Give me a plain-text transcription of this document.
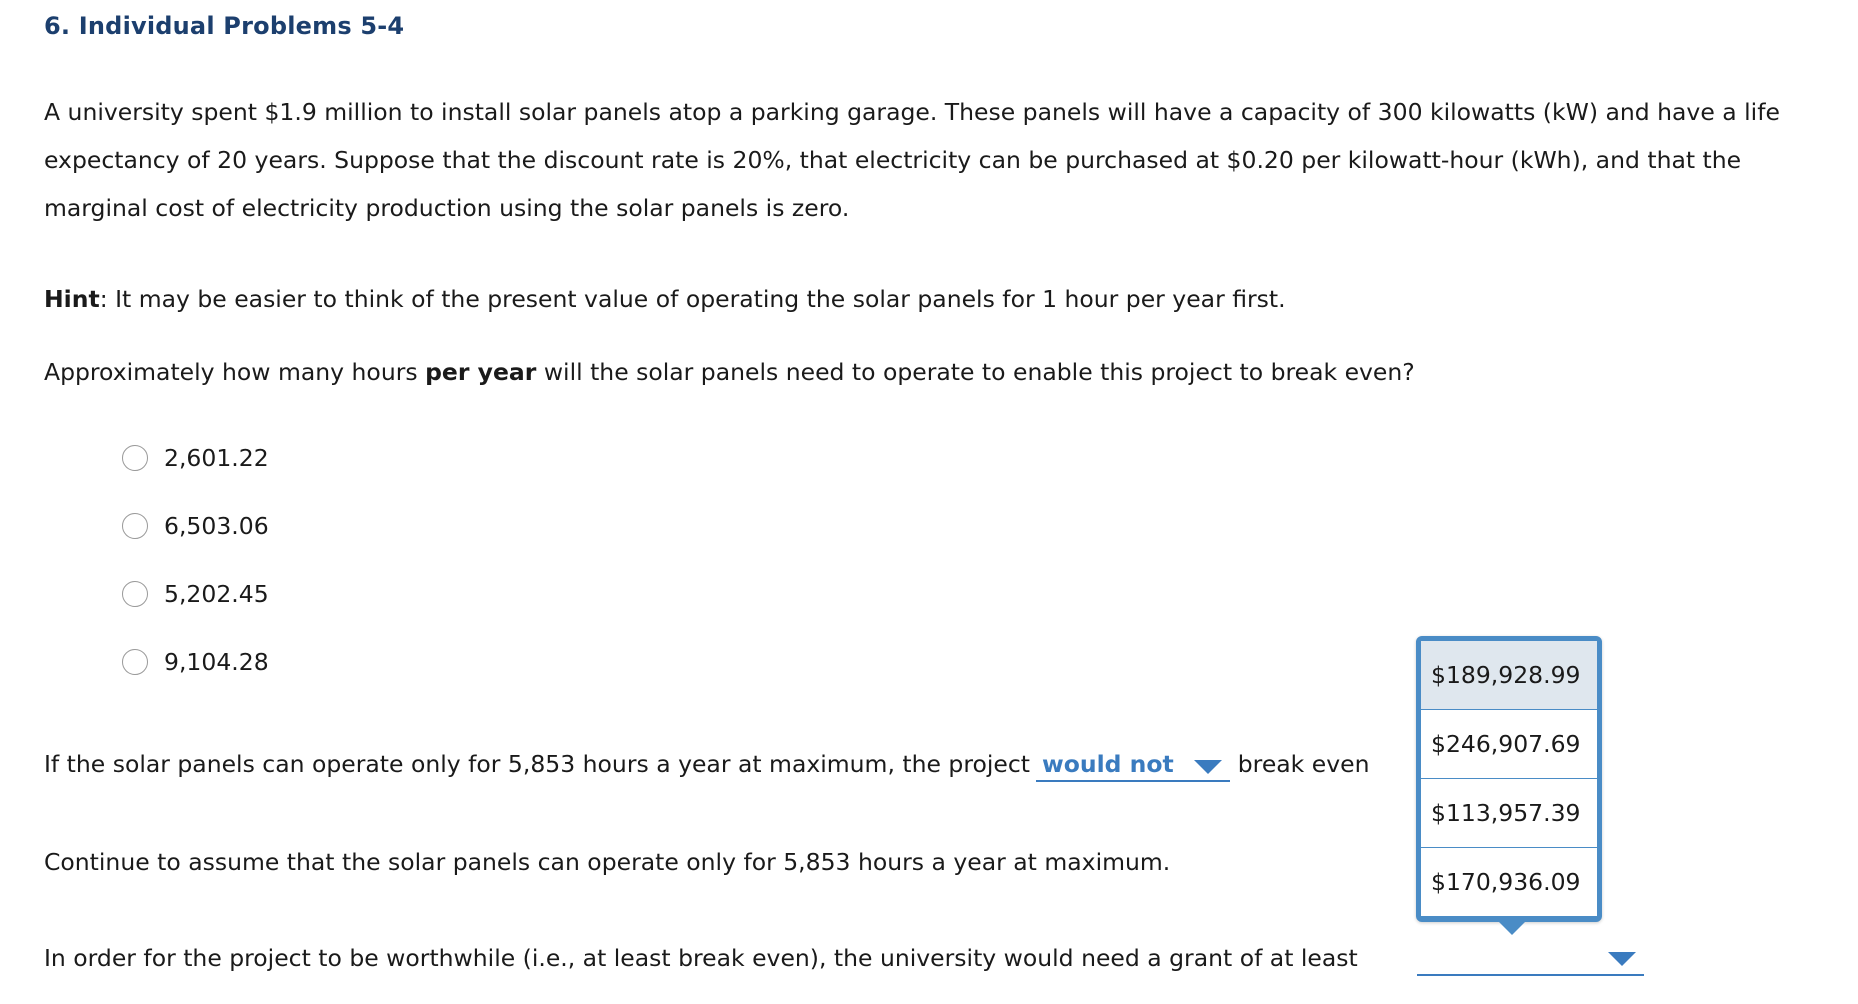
6. Individual Problems 5-4
A university spent $1.9 million to install solar panels atop a parking garage. These panels will have a capacity of 300 kilowatts (kW) and have a life
expectancy of 20 years. Suppose that the discount rate is 20%, that electricity can be purchased at $0.20 per kilowatt-hour (kWh), and that the
marginal cost of electricity production using the solar panels is zero.
Hint: It may be easier to think of the present value of operating the solar panels for 1 hour per year first.
Approximately how many hours per year will the solar panels need to operate to enable this project to break even?
2,601.22
6,503.06
5,202.45
9,104.28
If the solar panels can operate only for 5,853 hours a year at maximum, the project would not	break even
Continue to assume that the solar panels can operate only for 5,853 hours a year at maximum.
In order for the project to be worthwhile (i.e., at least break even), the university would need a grant of at least
$189,928.99
$246,907.69
$113,957.39
$170,936.09
